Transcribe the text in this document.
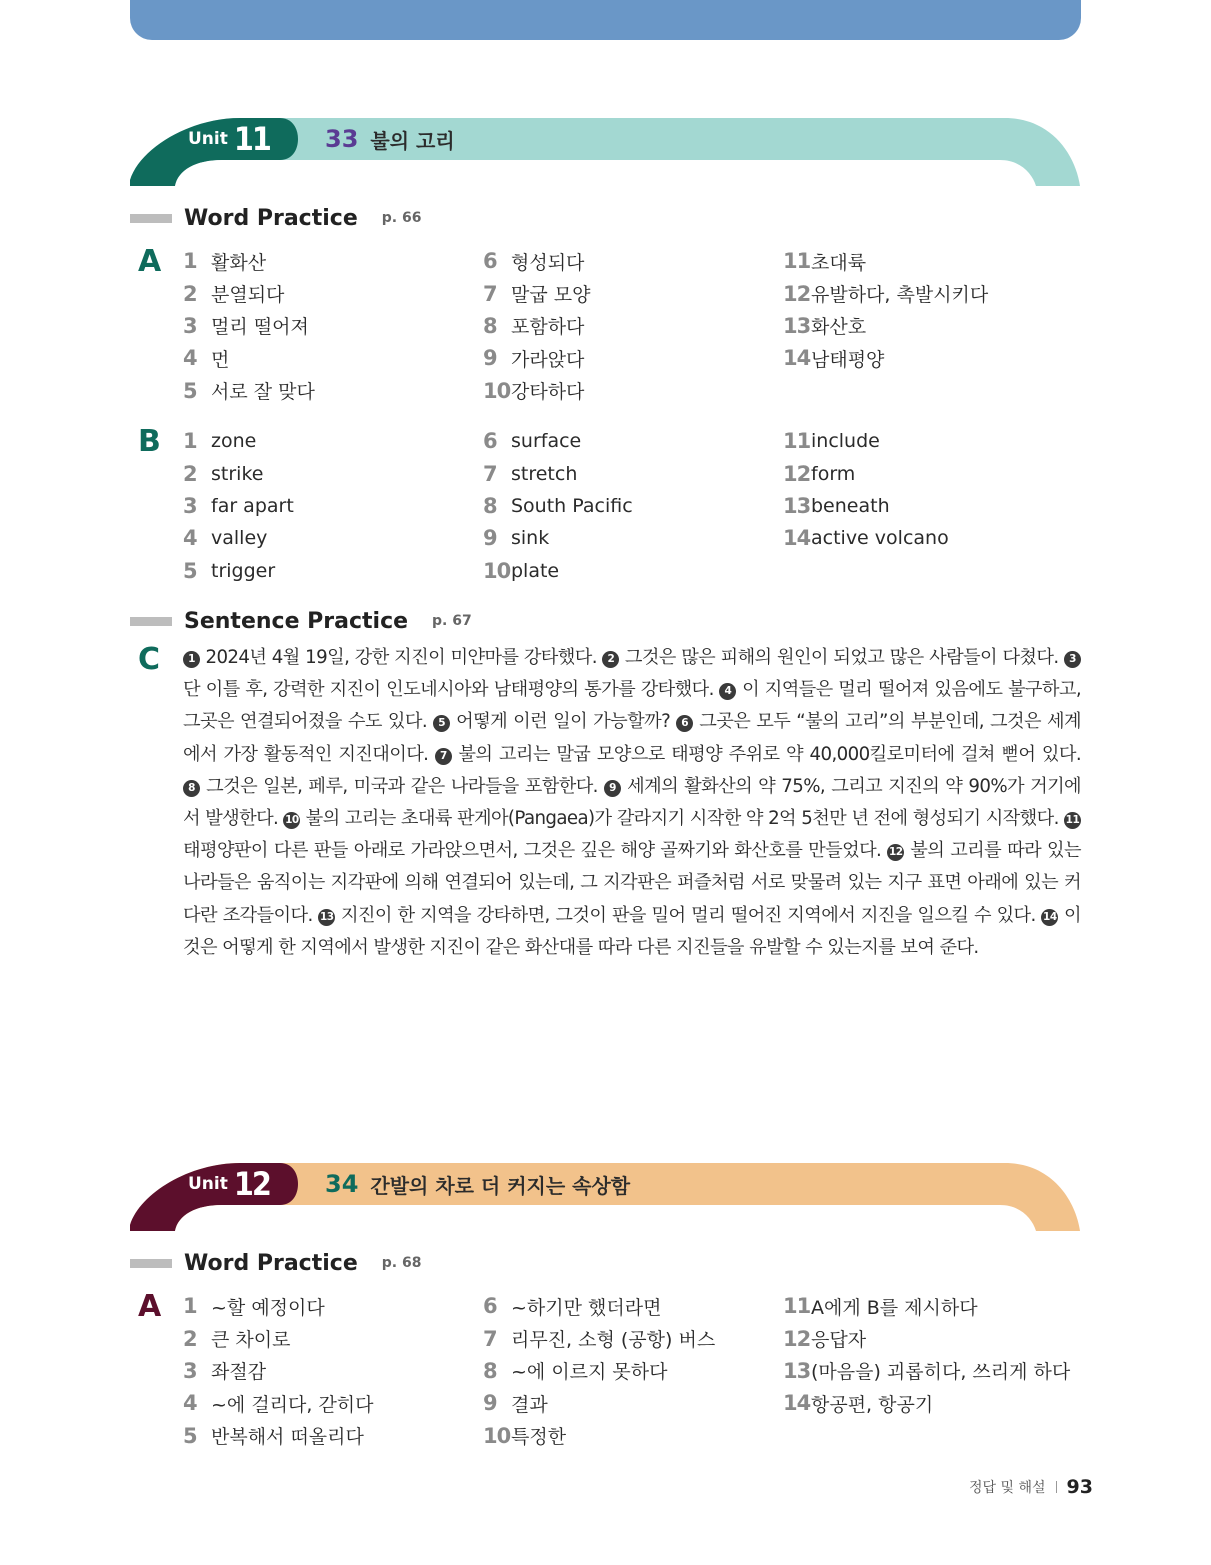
Unit 11 33 불의 고리
Word Practice p. 66
A 1 활화산
2 분열되다
3 멀리 떨어져
4 먼
5 서로 잘 맞다
6 형성되다
7 말굽 모양
8 포함하다
9 가라앉다
10 강타하다
11 초대륙
12 유발하다, 촉발시키다
13 화산호
14 남태평양
B 1 zone
2 strike
3 far apart
4 valley
5 trigger
6 surface
7 stretch
8 South Pacific
9 sink
10 plate
11 include
12 form
13 beneath
14 active volcano
Sentence Practice p. 67
C	1 2024년 4월 19일, 강한 지진이 미얀마를 강타했다. 2 그것은 많은 피해의 원인이 되었고 많은 사람들이 다쳤다. 3 단 이틀 후, 강력한 지진이 인도네시아와 남태평양의 통가를 강타했다. 4 이 지역들은 멀리 떨어져 있음에도 불구하고, 그곳은 연결되어졌을 수도 있다. 5 어떻게 이런 일이 가능할까? 6 그곳은 모두 “불의 고리”의 부분인데, 그것은 세계에서 가장 활동적인 지진대이다. 7 불의 고리는 말굽 모양으로 태평양 주위로 약 40,000킬로미터에 걸쳐 뻗어 있다. 8 그것은 일본, 페루, 미국과 같은 나라들을 포함한다. 9 세계의 활화산의 약 75%, 그리고 지진의 약 90%가 거기에서 발생한다. 10 불의 고리는 초대륙 판게아(Pangaea)가 갈라지기 시작한 약 2억 5천만 년 전에 형성되기 시작했다. 11 태평양판이 다른 판들 아래로 가라앉으면서, 그것은 깊은 해양 골짜기와 화산호를 만들었다. 12 불의 고리를 따라 있는 나라들은 움직이는 지각판에 의해 연결되어 있는데, 그 지각판은 퍼즐처럼 서로 맞물려 있는 지구 표면 아래에 있는 커다란 조각들이다. 13 지진이 한 지역을 강타하면, 그것이 판을 밀어 멀리 떨어진 지역에서 지진을 일으킬 수 있다. 14 이것은 어떻게 한 지역에서 발생한 지진이 같은 화산대를 따라 다른 지진들을 유발할 수 있는지를 보여 준다.
Unit 12 34 간발의 차로 더 커지는 속상함
Word Practice p. 68
A 1 ~할 예정이다
2 큰 차이로
3 좌절감
4 ~에 걸리다, 갇히다
5 반복해서 떠올리다
6 ~하기만 했더라면
7 리무진, 소형 (공항) 버스
8 ~에 이르지 못하다
9 결과
10 특정한
11 A에게 B를 제시하다
12 응답자
13 (마음을) 괴롭히다, 쓰리게 하다
14 항공편, 항공기
정답 및 해설 93
